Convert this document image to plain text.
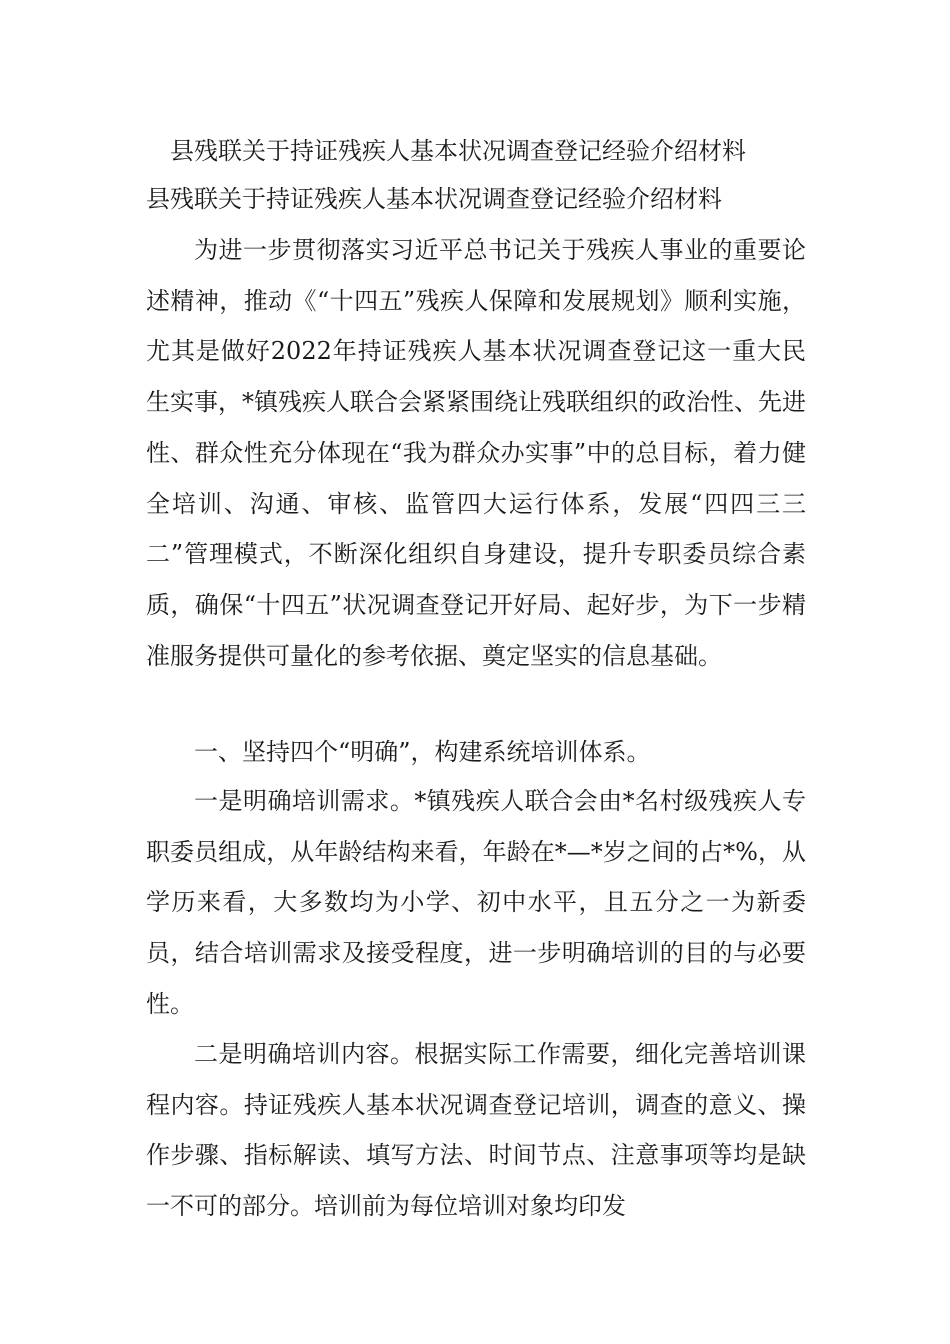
县残联关于持证残疾人基本状况调查登记经验介绍材料
县残联关于持证残疾人基本状况调查登记经验介绍材料

为进一步贯彻落实习近平总书记关于残疾人事业的重要论述精神，推动《“十四五”残疾人保障和发展规划》顺利实施，尤其是做好2022年持证残疾人基本状况调查登记这一重大民生实事，*镇残疾人联合会紧紧围绕让残联组织的政治性、先进性、群众性充分体现在“我为群众办实事”中的总目标，着力健全培训、沟通、审核、监管四大运行体系，发展“四四三三二”管理模式，不断深化组织自身建设，提升专职委员综合素质，确保“十四五”状况调查登记开好局、起好步，为下一步精准服务提供可量化的参考依据、奠定坚实的信息基础。

一、坚持四个“明确”，构建系统培训体系。

一是明确培训需求。*镇残疾人联合会由*名村级残疾人专职委员组成，从年龄结构来看，年龄在*—*岁之间的占*%，从学历来看，大多数均为小学、初中水平，且五分之一为新委员，结合培训需求及接受程度，进一步明确培训的目的与必要性。

二是明确培训内容。根据实际工作需要，细化完善培训课程内容。持证残疾人基本状况调查登记培训，调查的意义、操作步骤、指标解读、填写方法、时间节点、注意事项等均是缺一不可的部分。培训前为每位培训对象均印发
